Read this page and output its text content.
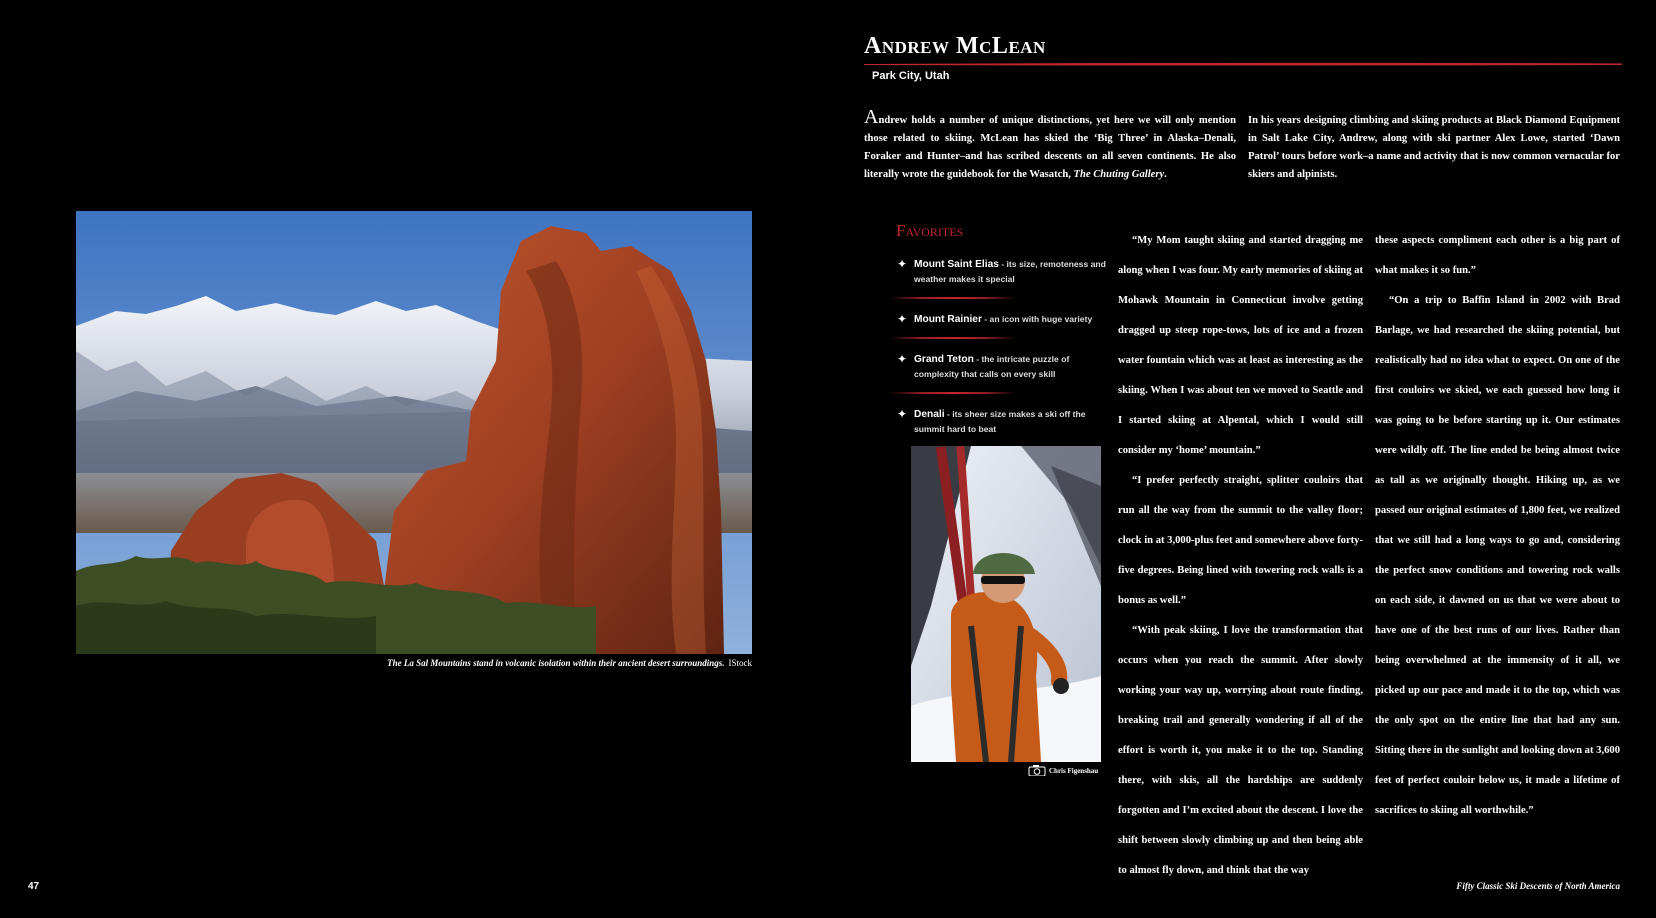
The La Sal Mountains stand in volcanic isolation within their ancient desert surroundings. IStock
47
Andrew McLean
Park City, Utah
Andrew holds a number of unique distinctions, yet here we will only mention those related to skiing. McLean has skied the ‘Big Three’ in Alaska–Denali, Foraker and Hunter–and has scribed descents on all seven continents. He also literally wrote the guidebook for the Wasatch, The Chuting Gallery.
In his years designing climbing and skiing products at Black Diamond Equipment in Salt Lake City, Andrew, along with ski partner Alex Lowe, started ‘Dawn Patrol’ tours before work–a name and activity that is now common vernacular for skiers and alpinists.
Favorites
✦ Mount Saint Elias - its size, remoteness and weather makes it special
✦ Mount Rainier - an icon with huge variety
✦ Grand Teton - the intricate puzzle of complexity that calls on every skill
✦ Denali - its sheer size makes a ski off the summit hard to beat
Chris Figenshau

“My Mom taught skiing and started dragging me along when I was four. My early memories of skiing at Mohawk Mountain in Connecticut involve getting dragged up steep rope-tows, lots of ice and a frozen water fountain which was at least as interesting as the skiing. When I was about ten we moved to Seattle and I started skiing at Alpental, which I would still consider my ‘home’ mountain.”

“I prefer perfectly straight, splitter couloirs that run all the way from the summit to the valley floor; clock in at 3,000-plus feet and somewhere above forty-five degrees. Being lined with towering rock walls is a bonus as well.”

“With peak skiing, I love the transformation that occurs when you reach the summit. After slowly working your way up, worrying about route finding, breaking trail and generally wondering if all of the effort is worth it, you make it to the top. Standing there, with skis, all the hardships are suddenly forgotten and I’m excited about the descent. I love the shift between slowly climbing up and then being able to almost fly down, and think that the way

these aspects compliment each other is a big part of what makes it so fun.”

“On a trip to Baffin Island in 2002 with Brad Barlage, we had researched the skiing potential, but realistically had no idea what to expect. On one of the first couloirs we skied, we each guessed how long it was going to be before starting up it. Our estimates were wildly off. The line ended be being almost twice as tall as we originally thought. Hiking up, as we passed our original estimates of 1,800 feet, we realized that we still had a long ways to go and, considering the perfect snow conditions and towering rock walls on each side, it dawned on us that we were about to have one of the best runs of our lives. Rather than being overwhelmed at the immensity of it all, we picked up our pace and made it to the top, which was the only spot on the entire line that had any sun. Sitting there in the sunlight and looking down at 3,600 feet of perfect couloir below us, it made a lifetime of sacrifices to skiing all worthwhile.”

Fifty Classic Ski Descents of North America
